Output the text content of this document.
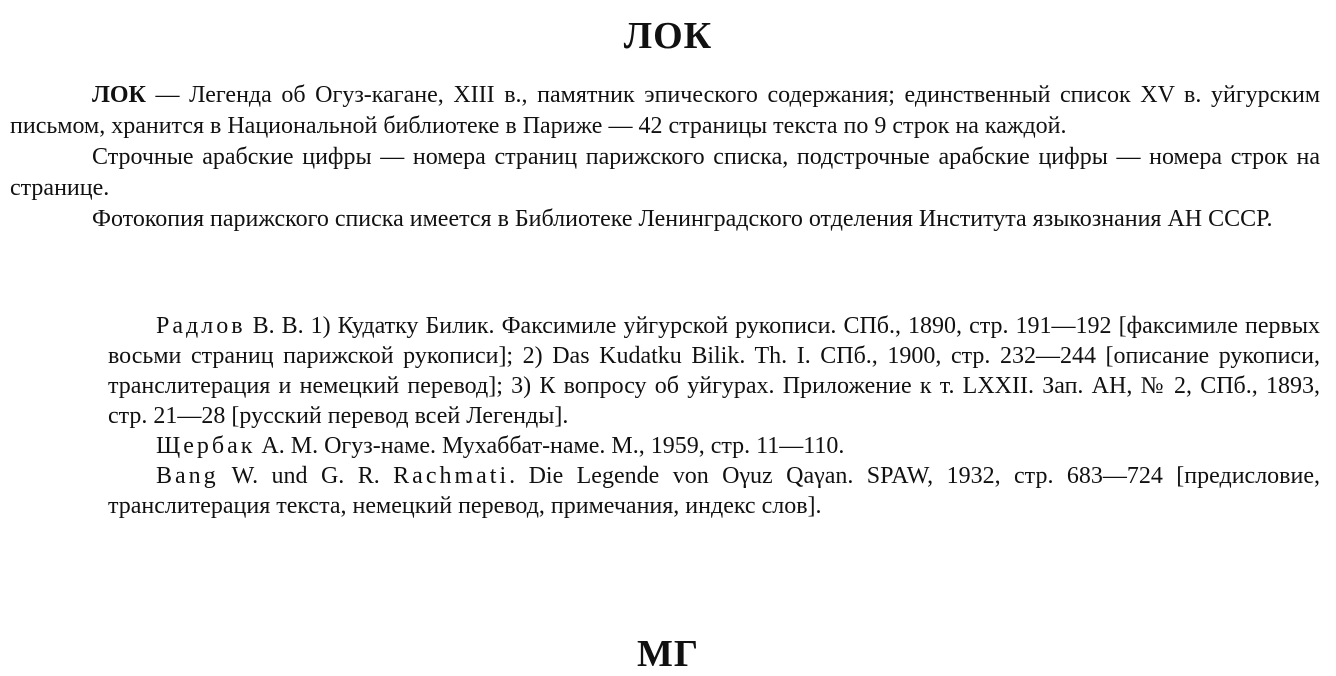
ЛОК

ЛОК — Легенда об Огуз-кагане, XIII в., памятник эпического содержания; единственный список XV в. уйгурским письмом, хранится в Национальной библиотеке в Париже — 42 страницы текста по 9 строк на каждой.

Строчные арабские цифры — номера страниц парижского списка, подстрочные арабские цифры — номера строк на странице.

Фотокопия парижского списка имеется в Библиотеке Ленинградского отделения Института языкознания АН СССР.

Радлов В. В. 1) Кудатку Билик. Факсимиле уйгурской рукописи. СПб., 1890, стр. 191—192 [факсимиле первых восьми страниц парижской рукописи]; 2) Das Kudatku Bilik. Th. I. СПб., 1900, стр. 232—244 [описание рукописи, транслитерация и немецкий перевод]; 3) К вопросу об уйгурах. Приложение к т. LXXII. Зап. АН, № 2, СПб., 1893, стр. 21—28 [русский перевод всей Легенды].

Щербак А. М. Огуз-наме. Мухаббат-наме. М., 1959, стр. 11—110.

Bang W. und G. R. Rachmati. Die Legende von Oγuz Qaγan. SPAW, 1932, стр. 683—724 [предисловие, транслитерация текста, немецкий перевод, примечания, индекс слов].

МГ
